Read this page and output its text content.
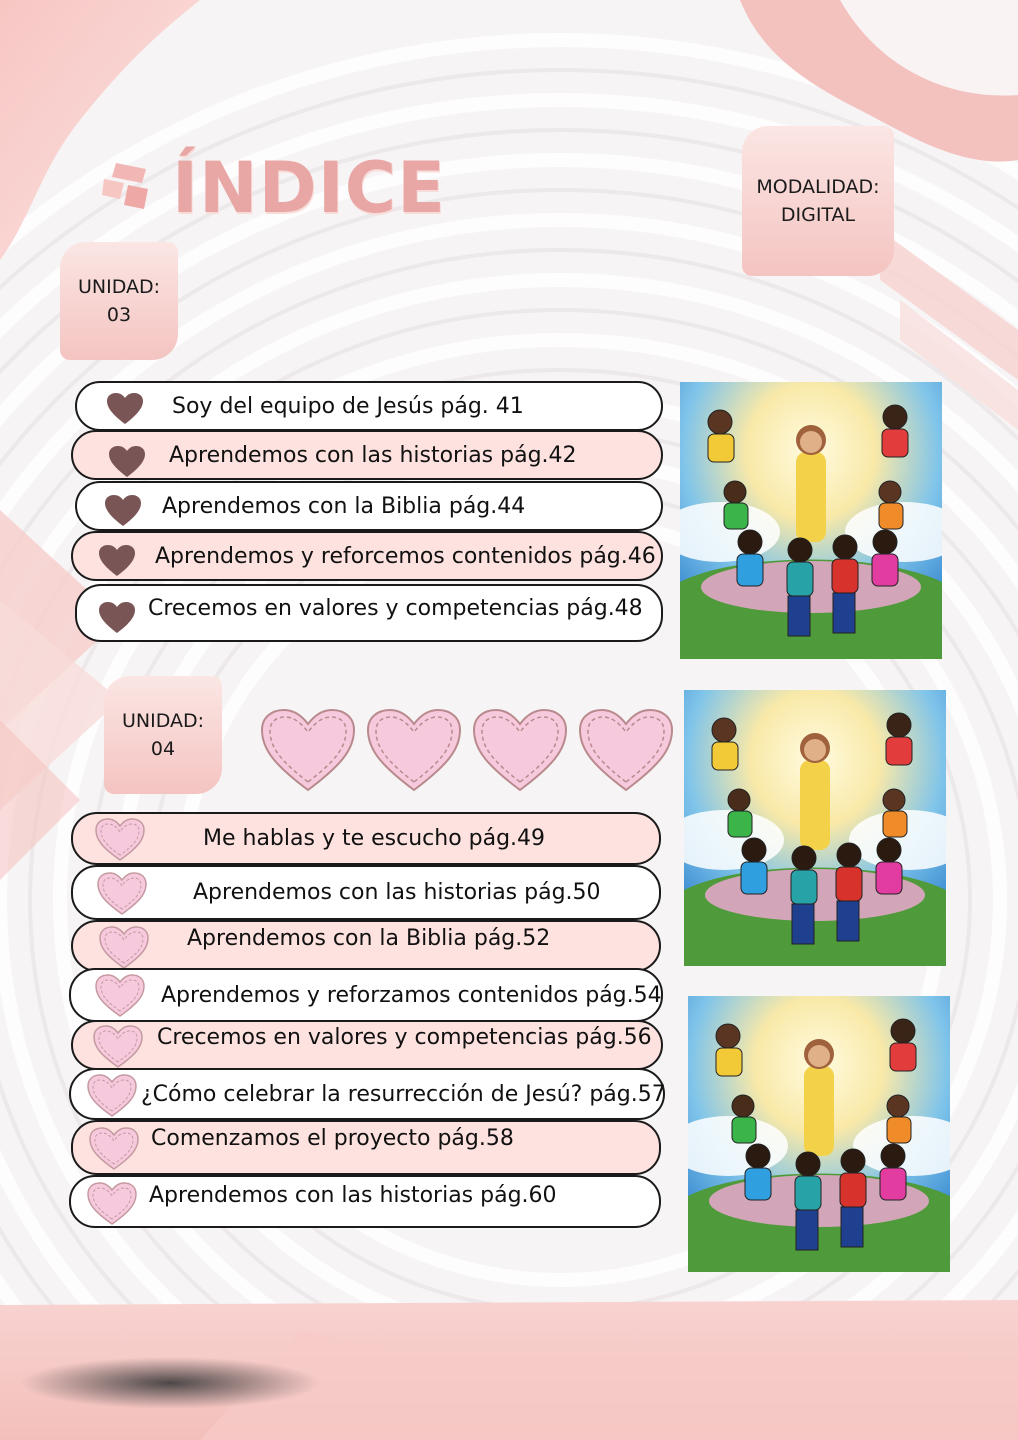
ÍNDICE	MODALIDAD:
DIGITAL
UNIDAD:
03
UNIDAD:
04
Soy del equipo de Jesús pág. 41
Aprendemos con las historias pág.42
Aprendemos con la Biblia pág.44
Aprendemos y reforcemos contenidos pág.46
Crecemos en valores y competencias pág.48
Me hablas y te escucho pág.49
Aprendemos con las historias pág.50
Aprendemos con la Biblia pág.52
Aprendemos y reforzamos contenidos pág.54
Crecemos en valores y competencias pág.56
¿Cómo celebrar la resurrección de Jesú? pág.57
Comenzamos el proyecto pág.58
Aprendemos con las historias pág.60
